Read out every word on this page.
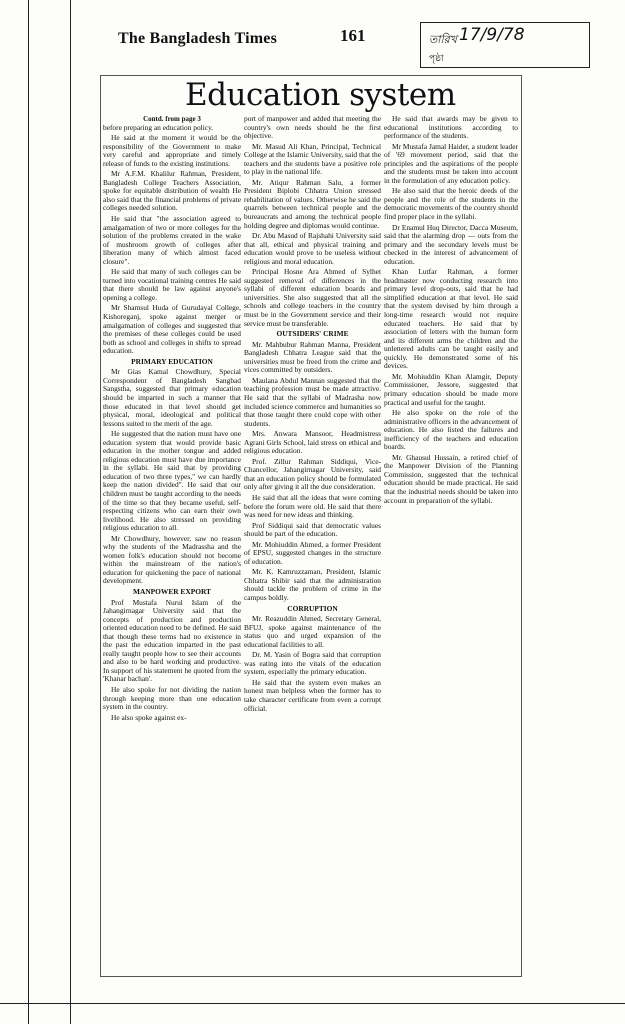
The Bangladesh Times	161	তারিখ 17/9/78
পৃষ্ঠা
Education system

Contd. from page 3

before preparing an education policy.

He said at the moment it would be the responsibility of the Government to make very careful and appropriate and timely release of funds to the existing institutions.

Mr A.F.M. Khalilur Rahman, President, Bangladesh College Teachers Association, spoke for equitable distribution of wealth He also said that the financial problems of private colleges needed solution.

He said that "the association agreed to amalgamation of two or more colleges for the solution of the problems created in the wake of mushroom growth of colleges after liberation many of which almost faced closure".

He said that many of such colleges can be turned into vocational training centres He said that there should be law against anyone's opening a college.

Mr Shamsul Huda of Gurudayal College, Kishoreganj, spoke against merger or amalgamation of colleges and suggested that the premises of these colleges could be used both as school and colleges in shifts to spread education.

PRIMARY EDUCATION

Mr Gias Kamal Chowdhury, Special Correspondent of Bangladesh Sangbad Sangstha, suggested that primary education should be imparted in such a manner that those educated in that level should get physical, moral, ideological and political lessons suited to the merit of the age.

He suggested that the nation must have one education system that would provide basic education in the mother tongue and added religious education must have due importance in the syllabi. He said that by providing education of two three types," we can hardly keep the nation divided". He said that our children must be taught according to the needs of the time so that they became useful, self-respecting citizens who can earn their own livelihood. He also stressed on providing religious education to all.

Mr Chowdhury, however, saw no reason why the students of the Madrassha and the women folk's education should not become within the mainstream of the nation's education for quickening the pace of national development.

MANPOWER EXPORT

Prof Mustafa Nurul Islam of the Jahangirnagar University said that the concepts of production and production oriented education need to be defined. He said that though these terms had no existence in the past the education imparted in the past really taught people how to see their accounts and also to be hard working and productive. In support of his statement he quoted from the 'Khanar bachan'.

He also spoke for not dividing the nation through keeping more than one education system in the country.

He also spoke against ex-

port of manpower and added that meeting the country's own needs should be the first objective.

Mr. Masud Ali Khan, Principal, Technical College at the Islamic University, said that the teachers and the students have a positive role to play in the national life.

Mr. Atiqur Rahman Salu, a former President Biplobi Chhatra Union stressed rehabilitation of values. Otherwise he said the quarrels between technical people and the bureaucrats and among the technical people holding degree and diplomas would continue.

Dr. Abu Masud of Rajshahi University said that all, ethical and physical training and education would prove to be useless without religious and moral education.

Principal Hosne Ara Ahmed of Sylhet suggested removal of differences in the syllabi of different education boards and universities. She also suggested that all the schools and college teachers in the country must be in the Government service and their service must be transferable.

OUTSIDERS' CRIME

Mr. Mahbubur Rahman Manna, President Bangladesh Chhatra League said that the universities must be freed from the crime and vices committed by outsiders.

Maulana Abdul Mannan suggested that the teaching profession must be made attractive. He said that the syllabi of Madrasha now included science commerce and humanities so that those taught there could cope with other students.

Mrs. Anwara Mansoor, Headmistress Agrani Girls School, laid stress on ethical and religious education.

Prof. Zillur Rahman Siddiqui, Vice-Chancellor, Jahangirnagar University, said that an education policy should be formulated only after giving it all the due consideration.

He said that all the ideas that were coming before the forum were old. He said that there was need for new ideas and thinking.

Prof Siddiqui said that democratic values should be part of the education.

Mr. Mohiuddin Ahmed, a former President of EPSU, suggested changes in the structure of education.

Mr. K. Kamruzzaman, President, Islamic Chhatra Shibir said that the administration should tackle the problem of crime in the campus boldly.

CORRUPTION

Mr. Reazuddin Ahmed, Secretary General, BFUJ, spoke against maintenance of the status quo and urged expansion of the educational facilities to all.

Dr. M. Yasin of Bogra said that corruption was eating into the vitals of the education system, especially the primary education.

He said that the system even makes an honest man helpless when the former has to take character certificate from even a corrupt official.

He said that awards may be given to educational institutions according to performance of the students.

Mr Mustafa Jamal Haider, a student leader of '69 movement period, said that the principles and the aspirations of the people and the students must be taken into account in the formulation of any education policy.

He also said that the heroic deeds of the people and the role of the students in the democratic movements of the country should find proper place in the syllabi.

Dr Enamul Huq Director, Dacca Museum, said that the alarming drop — outs from the primary and the secondary levels must be checked in the interest of advancement of education.

Khan Lutfar Rahman, a former headmaster now conducting research into primary level drop-outs, said that he had simplified education at that level. He said that the system devised by him through a long-time research would not require educated teachers. He said that by association of letters with the human form and its different arms the children and the unlettered adults can be taught easily and quickly. He demonstrated some of his devices.

Mr. Mohiuddin Khan Alamgir, Deputy Commissioner, Jessore, suggested that primary education should be made more practical and useful for the taught.

He also spoke on the role of the administrative officers in the advancement of education. He also listed the failures and inefficiency of the teachers and education boards.

Mr. Ghausul Hussain, a retired chief of the Manpower Division of the Planning Commission, suggested that the technical education should be made practical. He said that the industrial needs should be taken into account in preparation of the syllabi.
